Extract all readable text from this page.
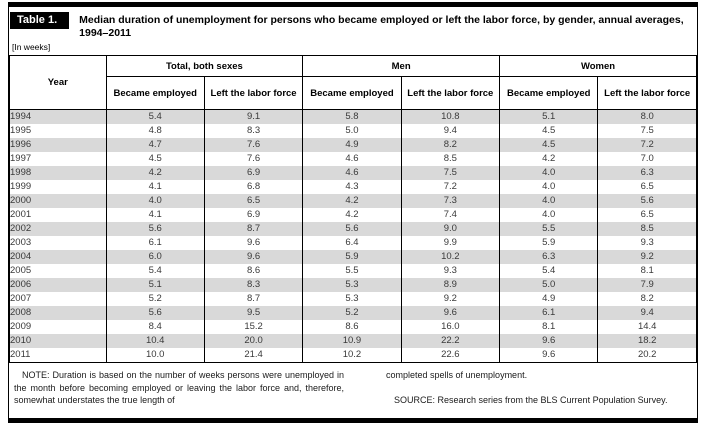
Table 1.	Median duration of unemployment for persons who became employed or left the labor force, by gender, annual averages, 1994–2011
[In weeks]
Year	Total, both sexes		Men		Women	
	Became employed	Left the labor force	Became employed	Left the labor force	Became employed	Left the labor force
1994	5.4	9.1	5.8	10.8	5.1	8.0
1995	4.8	8.3	5.0	9.4	4.5	7.5
1996	4.7	7.6	4.9	8.2	4.5	7.2
1997	4.5	7.6	4.6	8.5	4.2	7.0
1998	4.2	6.9	4.6	7.5	4.0	6.3
1999	4.1	6.8	4.3	7.2	4.0	6.5
2000	4.0	6.5	4.2	7.3	4.0	5.6
2001	4.1	6.9	4.2	7.4	4.0	6.5
2002	5.6	8.7	5.6	9.0	5.5	8.5
2003	6.1	9.6	6.4	9.9	5.9	9.3
2004	6.0	9.6	5.9	10.2	6.3	9.2
2005	5.4	8.6	5.5	9.3	5.4	8.1
2006	5.1	8.3	5.3	8.9	5.0	7.9
2007	5.2	8.7	5.3	9.2	4.9	8.2
2008	5.6	9.5	5.2	9.6	6.1	9.4
2009	8.4	15.2	8.6	16.0	8.1	14.4
2010	10.4	20.0	10.9	22.2	9.6	18.2
2011	10.0	21.4	10.2	22.6	9.6	20.2
NOTE: Duration is based on the number of weeks persons were unemployed in the month before becoming employed or leaving the labor force and, therefore, somewhat understates the true length of

completed spells of unemployment.

SOURCE: Research series from the BLS Current Population Survey.
